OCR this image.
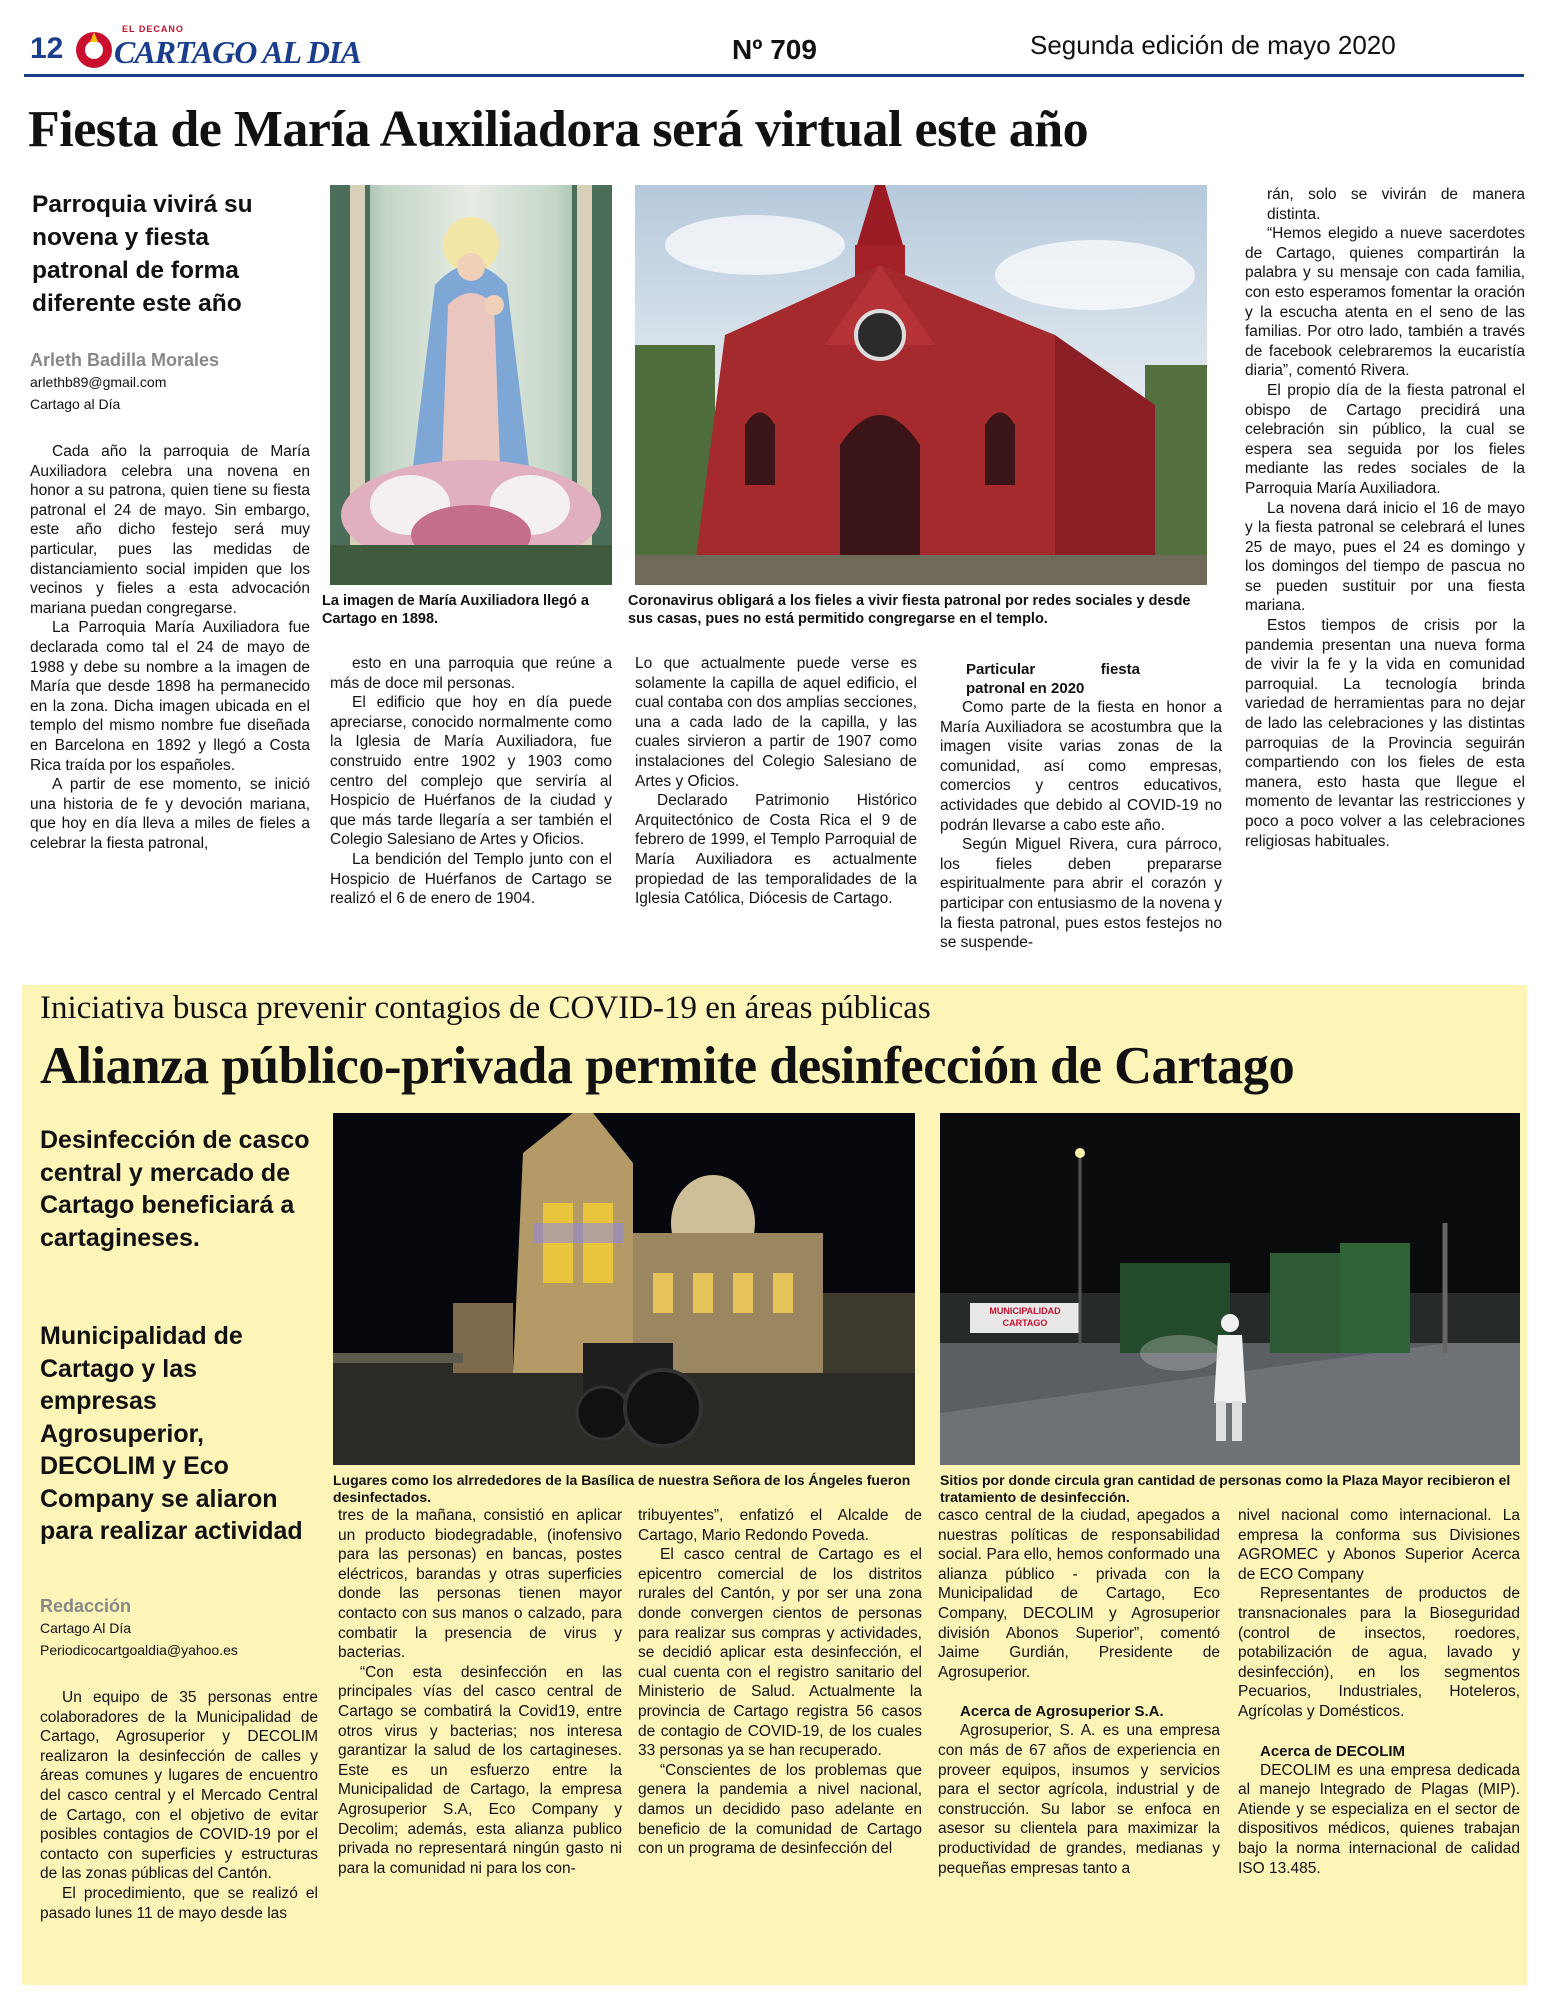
12
EL DECANO
CARTAGO AL DIA	Nº 709	Segunda edición de mayo 2020
Fiesta de María Auxiliadora será virtual este año
Parroquia vivirá su novena y fiesta patronal de forma diferente este año
Arleth Badilla Morales
arlethb89@gmail.com
Cartago al Día
La imagen de María Auxiliadora llegó a Cartago en 1898.
Coronavirus obligará a los fieles a vivir fiesta patronal por redes sociales y desde sus casas, pues no está permitido congregarse en el templo.

Cada año la parroquia de María Auxiliadora celebra una novena en honor a su patrona, quien tiene su fiesta patronal el 24 de mayo. Sin embargo, este año dicho festejo será muy particular, pues las medidas de distanciamiento social impiden que los vecinos y fieles a esta advocación mariana puedan congregarse.

La Parroquia María Auxiliadora fue declarada como tal el 24 de mayo de 1988 y debe su nombre a la imagen de María que desde 1898 ha permanecido en la zona. Dicha imagen ubicada en el templo del mismo nombre fue diseñada en Barcelona en 1892 y llegó a Costa Rica traída por los españoles.

A partir de ese momento, se inició una historia de fe y devoción mariana, que hoy en día lleva a miles de fieles a celebrar la fiesta patronal,

esto en una parroquia que reúne a más de doce mil personas.

El edificio que hoy en día puede apreciarse, conocido normalmente como la Iglesia de María Auxiliadora, fue construido entre 1902 y 1903 como centro del complejo que serviría al Hospicio de Huérfanos de la ciudad y que más tarde llegaría a ser también el Colegio Salesiano de Artes y Oficios.

La bendición del Templo junto con el Hospicio de Huérfanos de Cartago se realizó el 6 de enero de 1904.

Lo que actualmente puede verse es solamente la capilla de aquel edificio, el cual contaba con dos amplias secciones, una a cada lado de la capilla, y las cuales sirvieron a partir de 1907 como instalaciones del Colegio Salesiano de Artes y Oficios.

Declarado Patrimonio Histórico Arquitectónico de Costa Rica el 9 de febrero de 1999, el Templo Parroquial de María Auxiliadora es actualmente propiedad de las temporalidades de la Iglesia Católica, Diócesis de Cartago.

Particular fiesta patronal en 2020

Como parte de la fiesta en honor a María Auxiliadora se acostumbra que la imagen visite varias zonas de la comunidad, así como empresas, comercios y centros educativos, actividades que debido al COVID-19 no podrán llevarse a cabo este año.

Según Miguel Rivera, cura párroco, los fieles deben prepararse espiritualmente para abrir el corazón y participar con entusiasmo de la novena y la fiesta patronal, pues estos festejos no se suspende-

rán, solo se vivirán de manera distinta.

“Hemos elegido a nueve sacerdotes de Cartago, quienes compartirán la palabra y su mensaje con cada familia, con esto esperamos fomentar la oración y la escucha atenta en el seno de las familias. Por otro lado, también a través de facebook celebraremos la eucaristía diaria”, comentó Rivera.

El propio día de la fiesta patronal el obispo de Cartago precidirá una celebración sin público, la cual se espera sea seguida por los fieles mediante las redes sociales de la Parroquia María Auxiliadora.

La novena dará inicio el 16 de mayo y la fiesta patronal se celebrará el lunes 25 de mayo, pues el 24 es domingo y los domingos del tiempo de pascua no se pueden sustituir por una fiesta mariana.

Estos tiempos de crisis por la pandemia presentan una nueva forma de vivir la fe y la vida en comunidad parroquial. La tecnología brinda variedad de herramientas para no dejar de lado las celebraciones y las distintas parroquias de la Provincia seguirán compartiendo con los fieles de esta manera, esto hasta que llegue el momento de levantar las restricciones y poco a poco volver a las celebraciones religiosas habituales.

Iniciativa busca prevenir contagios de COVID-19 en áreas públicas
Alianza público-privada permite desinfección de Cartago
Desinfección de casco central y mercado de Cartago beneficiará a cartagineses.
Municipalidad de Cartago y las empresas Agrosuperior, DECOLIM y Eco Company se aliaron para realizar actividad
Redacción
Cartago Al Día
Periodicocartgoaldia@yahoo.es
Lugares como los alrrededores de la Basílica de nuestra Señora de los Ángeles fueron desinfectados.
MUNICIPALIDAD CARTAGO
Sitios por donde circula gran cantidad de personas como la Plaza Mayor recibieron el tratamiento de desinfección.

Un equipo de 35 personas entre colaboradores de la Municipalidad de Cartago, Agrosuperior y DECOLIM realizaron la desinfección de calles y áreas comunes y lugares de encuentro del casco central y el Mercado Central de Cartago, con el objetivo de evitar posibles contagios de COVID-19 por el contacto con superficies y estructuras de las zonas públicas del Cantón.

El procedimiento, que se realizó el pasado lunes 11 de mayo desde las

tres de la mañana, consistió en aplicar un producto biodegradable, (inofensivo para las personas) en bancas, postes eléctricos, barandas y otras superficies donde las personas tienen mayor contacto con sus manos o calzado, para combatir la presencia de virus y bacterias.

“Con esta desinfección en las principales vías del casco central de Cartago se combatirá la Covid19, entre otros virus y bacterias; nos interesa garantizar la salud de los cartagineses. Este es un esfuerzo entre la Municipalidad de Cartago, la empresa Agrosuperior S.A, Eco Company y Decolim; además, esta alianza publico privada no representará ningún gasto ni para la comunidad ni para los con-

tribuyentes”, enfatizó el Alcalde de Cartago, Mario Redondo Poveda.

El casco central de Cartago es el epicentro comercial de los distritos rurales del Cantón, y por ser una zona donde convergen cientos de personas para realizar sus compras y actividades, se decidió aplicar esta desinfección, el cual cuenta con el registro sanitario del Ministerio de Salud. Actualmente la provincia de Cartago registra 56 casos de contagio de COVID-19, de los cuales 33 personas ya se han recuperado.

“Conscientes de los problemas que genera la pandemia a nivel nacional, damos un decidido paso adelante en beneficio de la comunidad de Cartago con un programa de desinfección del

casco central de la ciudad, apegados a nuestras políticas de responsabilidad social. Para ello, hemos conformado una alianza público - privada con la Municipalidad de Cartago, Eco Company, DECOLIM y Agrosuperior división Abonos Superior”, comentó Jaime Gurdián, Presidente de Agrosuperior.

Acerca de Agrosuperior S.A.

Agrosuperior, S. A. es una empresa con más de 67 años de experiencia en proveer equipos, insumos y servicios para el sector agrícola, industrial y de construcción. Su labor se enfoca en asesor su clientela para maximizar la productividad de grandes, medianas y pequeñas empresas tanto a

nivel nacional como internacional. La empresa la conforma sus Divisiones AGROMEC y Abonos Superior Acerca de ECO Company

Representantes de productos de transnacionales para la Bioseguridad (control de insectos, roedores, potabilización de agua, lavado y desinfección), en los segmentos Pecuarios, Industriales, Hoteleros, Agrícolas y Domésticos.

Acerca de DECOLIM

DECOLIM es una empresa dedicada al manejo Integrado de Plagas (MIP). Atiende y se especializa en el sector de dispositivos médicos, quienes trabajan bajo la norma internacional de calidad ISO 13.485.
